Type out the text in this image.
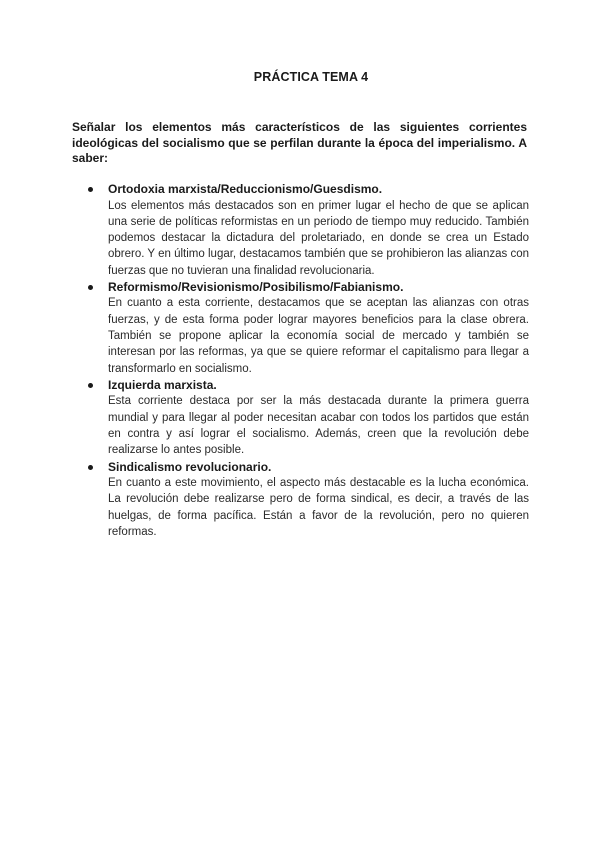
PRÁCTICA TEMA 4
Señalar los elementos más característicos de las siguientes corrientes ideológicas del socialismo que se perfilan durante la época del imperialismo. A saber:
Ortodoxia marxista/Reduccionismo/Guesdismo.
Los elementos más destacados son en primer lugar el hecho de que se aplican una serie de políticas reformistas en un periodo de tiempo muy reducido. También podemos destacar la dictadura del proletariado, en donde se crea un Estado obrero. Y en último lugar, destacamos también que se prohibieron las alianzas con fuerzas que no tuvieran una finalidad revolucionaria.
Reformismo/Revisionismo/Posibilismo/Fabianismo.
En cuanto a esta corriente, destacamos que se aceptan las alianzas con otras fuerzas, y de esta forma poder lograr mayores beneficios para la clase obrera. También se propone aplicar la economía social de mercado y también se interesan por las reformas, ya que se quiere reformar el capitalismo para llegar a transformarlo en socialismo.
Izquierda marxista.
Esta corriente destaca por ser la más destacada durante la primera guerra mundial y para llegar al poder necesitan acabar con todos los partidos que están en contra y así lograr el socialismo. Además, creen que la revolución debe realizarse lo antes posible.
Sindicalismo revolucionario.
En cuanto a este movimiento, el aspecto más destacable es la lucha económica. La revolución debe realizarse pero de forma sindical, es decir, a través de las huelgas, de forma pacífica. Están a favor de la revolución, pero no quieren reformas.
